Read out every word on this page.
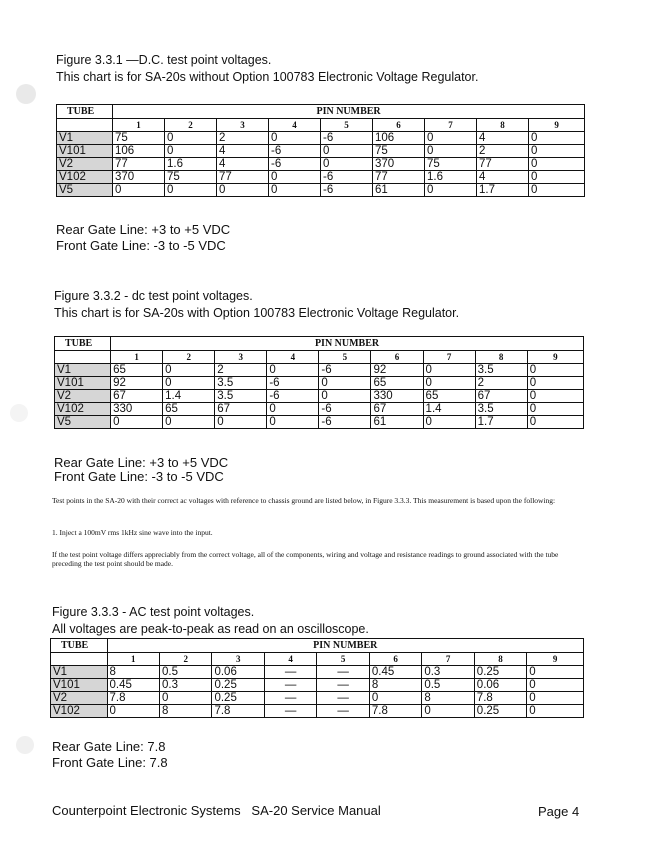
Figure 3.3.1 —D.C. test point voltages.
This chart is for SA-20s without Option 100783 Electronic Voltage Regulator.
TUBE	PIN NUMBER								
	1	2	3	4	5	6	7	8	9
V1	75	0	2	0	-6	106	0	4	0
V101	106	0	4	-6	0	75	0	2	0
V2	77	1.6	4	-6	0	370	75	77	0
V102	370	75	77	0	-6	77	1.6	4	0
V5	0	0	0	0	-6	61	0	1.7	0
Rear Gate Line: +3 to +5 VDC
Front Gate Line: -3 to -5 VDC
Figure 3.3.2 - dc test point voltages.
This chart is for SA-20s with Option 100783 Electronic Voltage Regulator.
TUBE	PIN NUMBER								
	1	2	3	4	5	6	7	8	9
V1	65	0	2	0	-6	92	0	3.5	0
V101	92	0	3.5	-6	0	65	0	2	0
V2	67	1.4	3.5	-6	0	330	65	67	0
V102	330	65	67	0	-6	67	1.4	3.5	0
V5	0	0	0	0	-6	61	0	1.7	0
Rear Gate Line: +3 to +5 VDC
Front Gate Line: -3 to -5 VDC
Test points in the SA-20 with their correct ac voltages with reference to chassis ground are listed below, in Figure 3.3.3. This measurement is based upon the following:
1. Inject a 100mV rms 1kHz sine wave into the input.
If the test point voltage differs appreciably from the correct voltage, all of the components, wiring and voltage and resistance readings to ground associated with the tube preceding the test point should be made.
Figure 3.3.3 - AC test point voltages.
All voltages are peak-to-peak as read on an oscilloscope.
TUBE	PIN NUMBER								
	1	2	3	4	5	6	7	8	9
V1	8	0.5	0.06	—	—	0.45	0.3	0.25	0
V101	0.45	0.3	0.25	—	—	8	0.5	0.06	0
V2	7.8	0	0.25	—	—	0	8	7.8	0
V102	0	8	7.8	—	—	7.8	0	0.25	0
Rear Gate Line: 7.8
Front Gate Line: 7.8
Counterpoint Electronic Systems   SA-20 Service Manual	Page 4
